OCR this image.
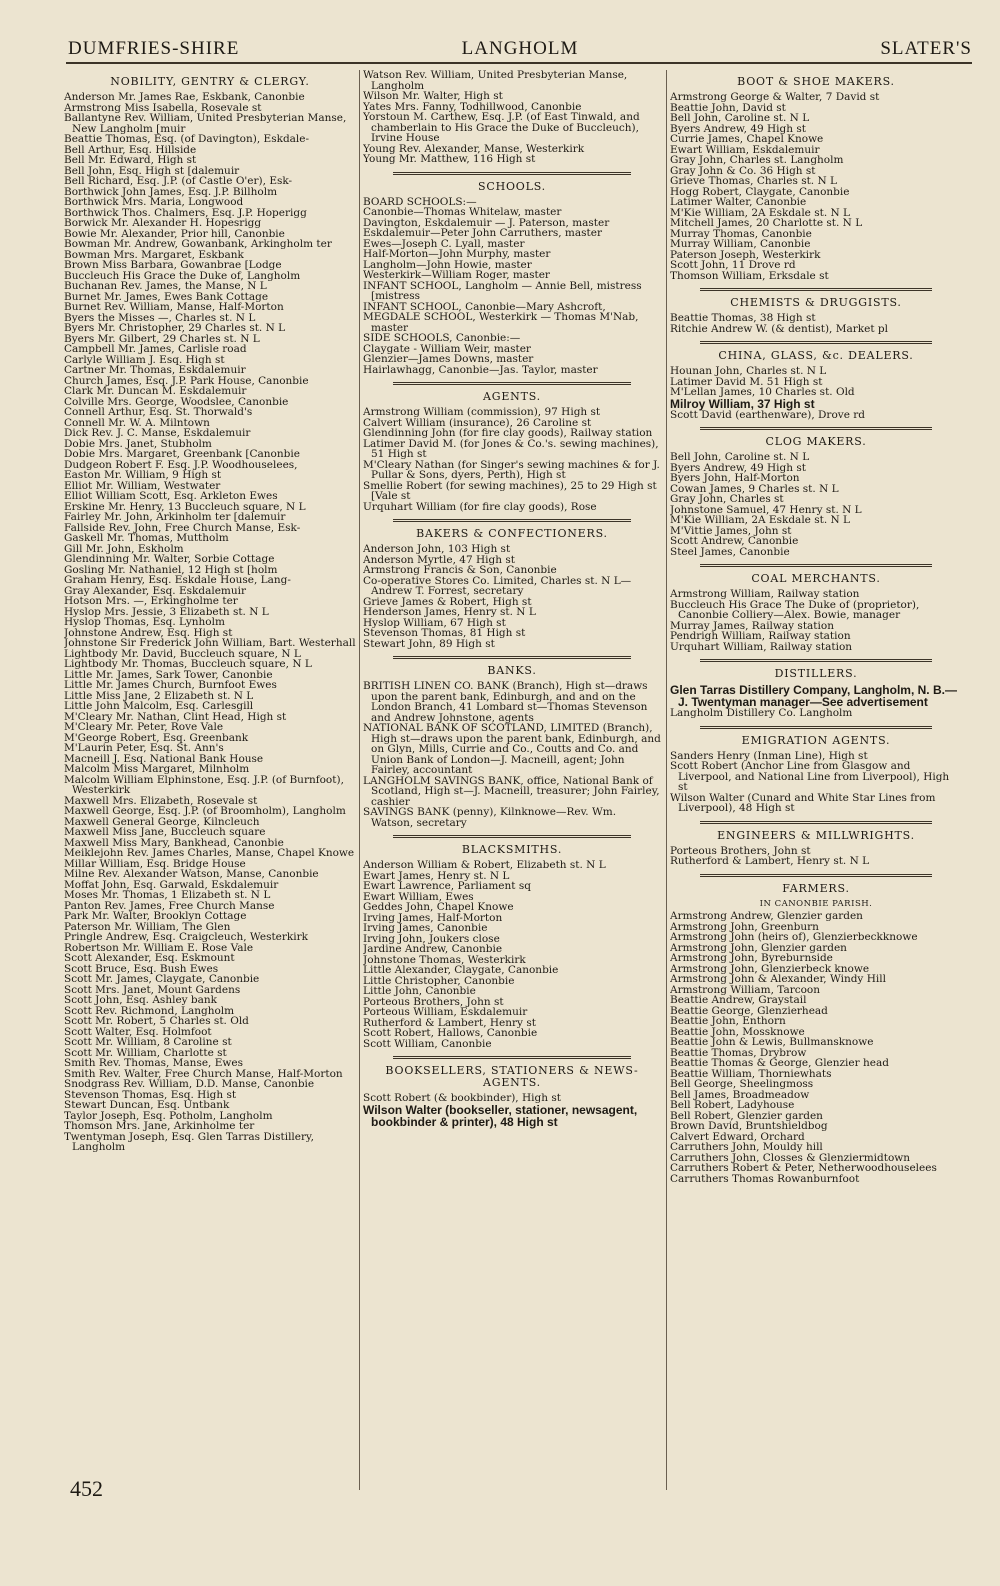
DUMFRIES-SHIRE	LANGHOLM	SLATER'S
NOBILITY, GENTRY & CLERGY.
Anderson Mr. James Rae, Eskbank, Canonbie
Armstrong Miss Isabella, Rosevale st
Ballantyne Rev. William, United Presbyterian Manse, New Langholm [muir
Beattie Thomas, Esq. (of Davington), Eskdale-
Bell Arthur, Esq. Hillside
Bell Mr. Edward, High st
Bell John, Esq. High st [dalemuir
Bell Richard, Esq. J.P. (of Castle O'er), Esk-
Borthwick John James, Esq. J.P. Billholm
Borthwick Mrs. Maria, Longwood
Borthwick Thos. Chalmers, Esq. J.P. Hoperigg
Borwick Mr. Alexander H. Hopesrigg
Bowie Mr. Alexander, Prior hill, Canonbie
Bowman Mr. Andrew, Gowanbank, Arkingholm ter
Bowman Mrs. Margaret, Eskbank
Brown Miss Barbara, Gowanbrae [Lodge
Buccleuch His Grace the Duke of, Langholm
Buchanan Rev. James, the Manse, N L
Burnet Mr. James, Ewes Bank Cottage
Burnet Rev. William, Manse, Half-Morton
Byers the Misses —, Charles st. N L
Byers Mr. Christopher, 29 Charles st. N L
Byers Mr. Gilbert, 29 Charles st. N L
Campbell Mr. James, Carlisle road
Carlyle William J. Esq. High st
Cartner Mr. Thomas, Eskdalemuir
Church James, Esq. J.P. Park House, Canonbie
Clark Mr. Duncan M. Eskdalemuir
Colville Mrs. George, Woodslee, Canonbie
Connell Arthur, Esq. St. Thorwald's
Connell Mr. W. A. Milntown
Dick Rev. J. C. Manse, Eskdalemuir
Dobie Mrs. Janet, Stubholm
Dobie Mrs. Margaret, Greenbank [Canonbie
Dudgeon Robert F. Esq. J.P. Woodhouselees,
Easton Mr. William, 9 High st
Elliot Mr. William, Westwater
Elliot William Scott, Esq. Arkleton Ewes
Erskine Mr. Henry, 13 Buccleuch square, N L
Fairley Mr. John, Arkinholm ter [dalemuir
Fallside Rev. John, Free Church Manse, Esk-
Gaskell Mr. Thomas, Muttholm
Gill Mr. John, Eskholm
Glendinning Mr. Walter, Sorbie Cottage
Gosling Mr. Nathaniel, 12 High st [holm
Graham Henry, Esq. Eskdale House, Lang-
Gray Alexander, Esq. Eskdalemuir
Hotson Mrs. —, Erkingholme ter
Hyslop Mrs. Jessie, 3 Elizabeth st. N L
Hyslop Thomas, Esq. Lynholm
Johnstone Andrew, Esq. High st
Johnstone Sir Frederick John William, Bart. Westerhall
Lightbody Mr. David, Buccleuch square, N L
Lightbody Mr. Thomas, Buccleuch square, N L
Little Mr. James, Sark Tower, Canonbie
Little Mr. James Church, Burnfoot Ewes
Little Miss Jane, 2 Elizabeth st. N L
Little John Malcolm, Esq. Carlesgill
M'Cleary Mr. Nathan, Clint Head, High st
M'Cleary Mr. Peter, Rove Vale
M'George Robert, Esq. Greenbank
M'Laurin Peter, Esq. St. Ann's
Macneill J. Esq. National Bank House
Malcolm Miss Margaret, Milnholm
Malcolm William Elphinstone, Esq. J.P. (of Burnfoot), Westerkirk
Maxwell Mrs. Elizabeth, Rosevale st
Maxwell George, Esq. J.P. (of Broomholm), Langholm
Maxwell General George, Kilncleuch
Maxwell Miss Jane, Buccleuch square
Maxwell Miss Mary, Bankhead, Canonbie
Meiklejohn Rev. James Charles, Manse, Chapel Knowe
Millar William, Esq. Bridge House
Milne Rev. Alexander Watson, Manse, Canonbie
Moffat John, Esq. Garwald, Eskdalemuir
Moses Mr. Thomas, 1 Elizabeth st. N L
Panton Rev. James, Free Church Manse
Park Mr. Walter, Brooklyn Cottage
Paterson Mr. William, The Glen
Pringle Andrew, Esq. Craigcleuch, Westerkirk
Robertson Mr. William E. Rose Vale
Scott Alexander, Esq. Eskmount
Scott Bruce, Esq. Bush Ewes
Scott Mr. James, Claygate, Canonbie
Scott Mrs. Janet, Mount Gardens
Scott John, Esq. Ashley bank
Scott Rev. Richmond, Langholm
Scott Mr. Robert, 5 Charles st. Old
Scott Walter, Esq. Holmfoot
Scott Mr. William, 8 Caroline st
Scott Mr. William, Charlotte st
Smith Rev. Thomas, Manse, Ewes
Smith Rev. Walter, Free Church Manse, Half-Morton
Snodgrass Rev. William, D.D. Manse, Canonbie
Stevenson Thomas, Esq. High st
Stewart Duncan, Esq. Untbank
Taylor Joseph, Esq. Potholm, Langholm
Thomson Mrs. Jane, Arkinholme ter
Twentyman Joseph, Esq. Glen Tarras Distillery, Langholm
Watson Rev. William, United Presbyterian Manse, Langholm
Wilson Mr. Walter, High st
Yates Mrs. Fanny, Todhillwood, Canonbie
Yorstoun M. Carthew, Esq. J.P. (of East Tinwald, and chamberlain to His Grace the Duke of Buccleuch), Irvine House
Young Rev. Alexander, Manse, Westerkirk
Young Mr. Matthew, 116 High st
SCHOOLS.
BOARD SCHOOLS:—
Canonbie—Thomas Whitelaw, master
Davington, Eskdalemuir — J. Paterson, master
Eskdalemuir—Peter John Carruthers, master
Ewes—Joseph C. Lyall, master
Half-Morton—John Murphy, master
Langholm—John Howie, master
Westerkirk—William Roger, master
INFANT SCHOOL, Langholm — Annie Bell, mistress [mistress
INFANT SCHOOL, Canonbie—Mary Ashcroft,
MEGDALE SCHOOL, Westerkirk — Thomas M'Nab, master
SIDE SCHOOLS, Canonbie:—
Claygate - William Weir, master
Glenzier—James Downs, master
Hairlawhagg, Canonbie—Jas. Taylor, master
AGENTS.
Armstrong William (commission), 97 High st
Calvert William (insurance), 26 Caroline st
Glendinning John (for fire clay goods), Railway station
Latimer David M. (for Jones & Co.'s. sewing machines), 51 High st
M'Cleary Nathan (for Singer's sewing machines & for J. Pullar & Sons, dyers, Perth), High st
Smellie Robert (for sewing machines), 25 to 29 High st [Vale st
Urquhart William (for fire clay goods), Rose
BAKERS & CONFECTIONERS.
Anderson John, 103 High st
Anderson Myrtle, 47 High st
Armstrong Francis & Son, Canonbie
Co-operative Stores Co. Limited, Charles st. N L—Andrew T. Forrest, secretary
Grieve James & Robert, High st
Henderson James, Henry st. N L
Hyslop William, 67 High st
Stevenson Thomas, 81 High st
Stewart John, 89 High st
BANKS.
BRITISH LINEN CO. BANK (Branch), High st—draws upon the parent bank, Edinburgh, and and on the London Branch, 41 Lombard st—Thomas Stevenson and Andrew Johnstone, agents
NATIONAL BANK OF SCOTLAND, LIMITED (Branch), High st—draws upon the parent bank, Edinburgh, and on Glyn, Mills, Currie and Co., Coutts and Co. and Union Bank of London—J. Macneill, agent; John Fairley, accountant
LANGHOLM SAVINGS BANK, office, National Bank of Scotland, High st—J. Macneill, treasurer; John Fairley, cashier
SAVINGS BANK (penny), Kilnknowe—Rev. Wm. Watson, secretary
BLACKSMITHS.
Anderson William & Robert, Elizabeth st. N L
Ewart James, Henry st. N L
Ewart Lawrence, Parliament sq
Ewart William, Ewes
Geddes John, Chapel Knowe
Irving James, Half-Morton
Irving James, Canonbie
Irving John, Joukers close
Jardine Andrew, Canonbie
Johnstone Thomas, Westerkirk
Little Alexander, Claygate, Canonbie
Little Christopher, Canonbie
Little John, Canonbie
Porteous Brothers, John st
Porteous William, Eskdalemuir
Rutherford & Lambert, Henry st
Scott Robert, Hallows, Canonbie
Scott William, Canonbie
BOOKSELLERS, STATIONERS & NEWS-AGENTS.
Scott Robert (& bookbinder), High st
Wilson Walter (bookseller, stationer, newsagent, bookbinder & printer), 48 High st
BOOT & SHOE MAKERS.
Armstrong George & Walter, 7 David st
Beattie John, David st
Bell John, Caroline st. N L
Byers Andrew, 49 High st
Currie James, Chapel Knowe
Ewart William, Eskdalemuir
Gray John, Charles st. Langholm
Gray John & Co. 36 High st
Grieve Thomas, Charles st. N L
Hogg Robert, Claygate, Canonbie
Latimer Walter, Canonbie
M'Kie William, 2A Eskdale st. N L
Mitchell James, 20 Charlotte st. N L
Murray Thomas, Canonbie
Murray William, Canonbie
Paterson Joseph, Westerkirk
Scott John, 11 Drove rd
Thomson William, Erksdale st
CHEMISTS & DRUGGISTS.
Beattie Thomas, 38 High st
Ritchie Andrew W. (& dentist), Market pl
CHINA, GLASS, &c. DEALERS.
Hounan John, Charles st. N L
Latimer David M. 51 High st
M'Lellan James, 10 Charles st. Old
Milroy William, 37 High st
Scott David (earthenware), Drove rd
CLOG MAKERS.
Bell John, Caroline st. N L
Byers Andrew, 49 High st
Byers John, Half-Morton
Cowan James, 9 Charles st. N L
Gray John, Charles st
Johnstone Samuel, 47 Henry st. N L
M'Kie William, 2A Eskdale st. N L
M'Vittie James, John st
Scott Andrew, Canonbie
Steel James, Canonbie
COAL MERCHANTS.
Armstrong William, Railway station
Buccleuch His Grace The Duke of (proprietor), Canonbie Colliery—Alex. Bowie, manager
Murray James, Railway station
Pendrigh William, Railway station
Urquhart William, Railway station
DISTILLERS.
Glen Tarras Distillery Company, Langholm, N. B.—J. Twentyman manager—See advertisement
Langholm Distillery Co. Langholm
EMIGRATION AGENTS.
Sanders Henry (Inman Line), High st
Scott Robert (Anchor Line from Glasgow and Liverpool, and National Line from Liverpool), High st
Wilson Walter (Cunard and White Star Lines from Liverpool), 48 High st
ENGINEERS & MILLWRIGHTS.
Porteous Brothers, John st
Rutherford & Lambert, Henry st. N L
FARMERS.
IN CANONBIE PARISH.
Armstrong Andrew, Glenzier garden
Armstrong John, Greenburn
Armstrong John (heirs of), Glenzierbeckknowe
Armstrong John, Glenzier garden
Armstrong John, Byreburnside
Armstrong John, Glenzierbeck knowe
Armstrong John & Alexander, Windy Hill
Armstrong William, Tarcoon
Beattie Andrew, Graystail
Beattie George, Glenzierhead
Beattie John, Enthorn
Beattie John, Mossknowe
Beattie John & Lewis, Bullmansknowe
Beattie Thomas, Drybrow
Beattie Thomas & George, Glenzier head
Beattie William, Thorniewhats
Bell George, Sheelingmoss
Bell James, Broadmeadow
Bell Robert, Ladyhouse
Bell Robert, Glenzier garden
Brown David, Bruntshieldbog
Calvert Edward, Orchard
Carruthers John, Mouldy hill
Carruthers John, Closses & Glenziermidtown
Carruthers Robert & Peter, Netherwoodhouselees
Carruthers Thomas Rowanburnfoot
452
